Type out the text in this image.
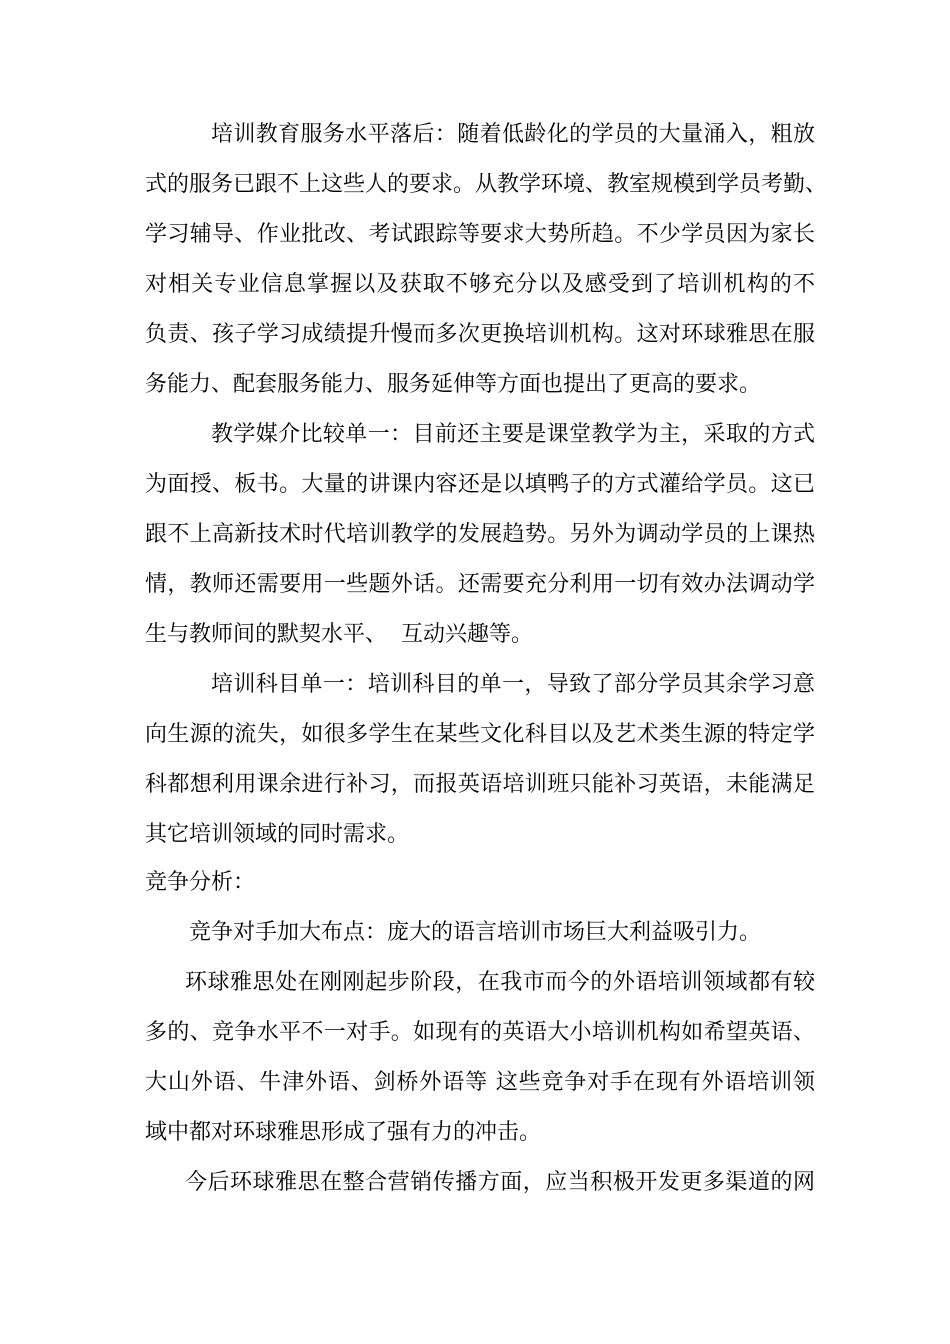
培训教育服务水平落后：随着低龄化的学员的大量涌入，粗放

式的服务已跟不上这些人的要求。从教学环境、教室规模到学员考勤、

学习辅导、作业批改、考试跟踪等要求大势所趋。不少学员因为家长

对相关专业信息掌握以及获取不够充分以及感受到了培训机构的不

负责、孩子学习成绩提升慢而多次更换培训机构。这对环球雅思在服

务能力、配套服务能力、服务延伸等方面也提出了更高的要求。

教学媒介比较单一：目前还主要是课堂教学为主，采取的方式

为面授、板书。大量的讲课内容还是以填鸭子的方式灌给学员。这已

跟不上高新技术时代培训教学的发展趋势。另外为调动学员的上课热

情，教师还需要用一些题外话。还需要充分利用一切有效办法调动学

生与教师间的默契水平、  互动兴趣等。

培训科目单一：培训科目的单一，导致了部分学员其余学习意

向生源的流失，如很多学生在某些文化科目以及艺术类生源的特定学

科都想利用课余进行补习，而报英语培训班只能补习英语，未能满足

其它培训领域的同时需求。

竞争分析：

竞争对手加大布点：庞大的语言培训市场巨大利益吸引力。

环球雅思处在刚刚起步阶段，在我市而今的外语培训领域都有较

多的、竞争水平不一对手。如现有的英语大小培训机构如希望英语、

大山外语、牛津外语、剑桥外语等 这些竞争对手在现有外语培训领

域中都对环球雅思形成了强有力的冲击。

今后环球雅思在整合营销传播方面，应当积极开发更多渠道的网
